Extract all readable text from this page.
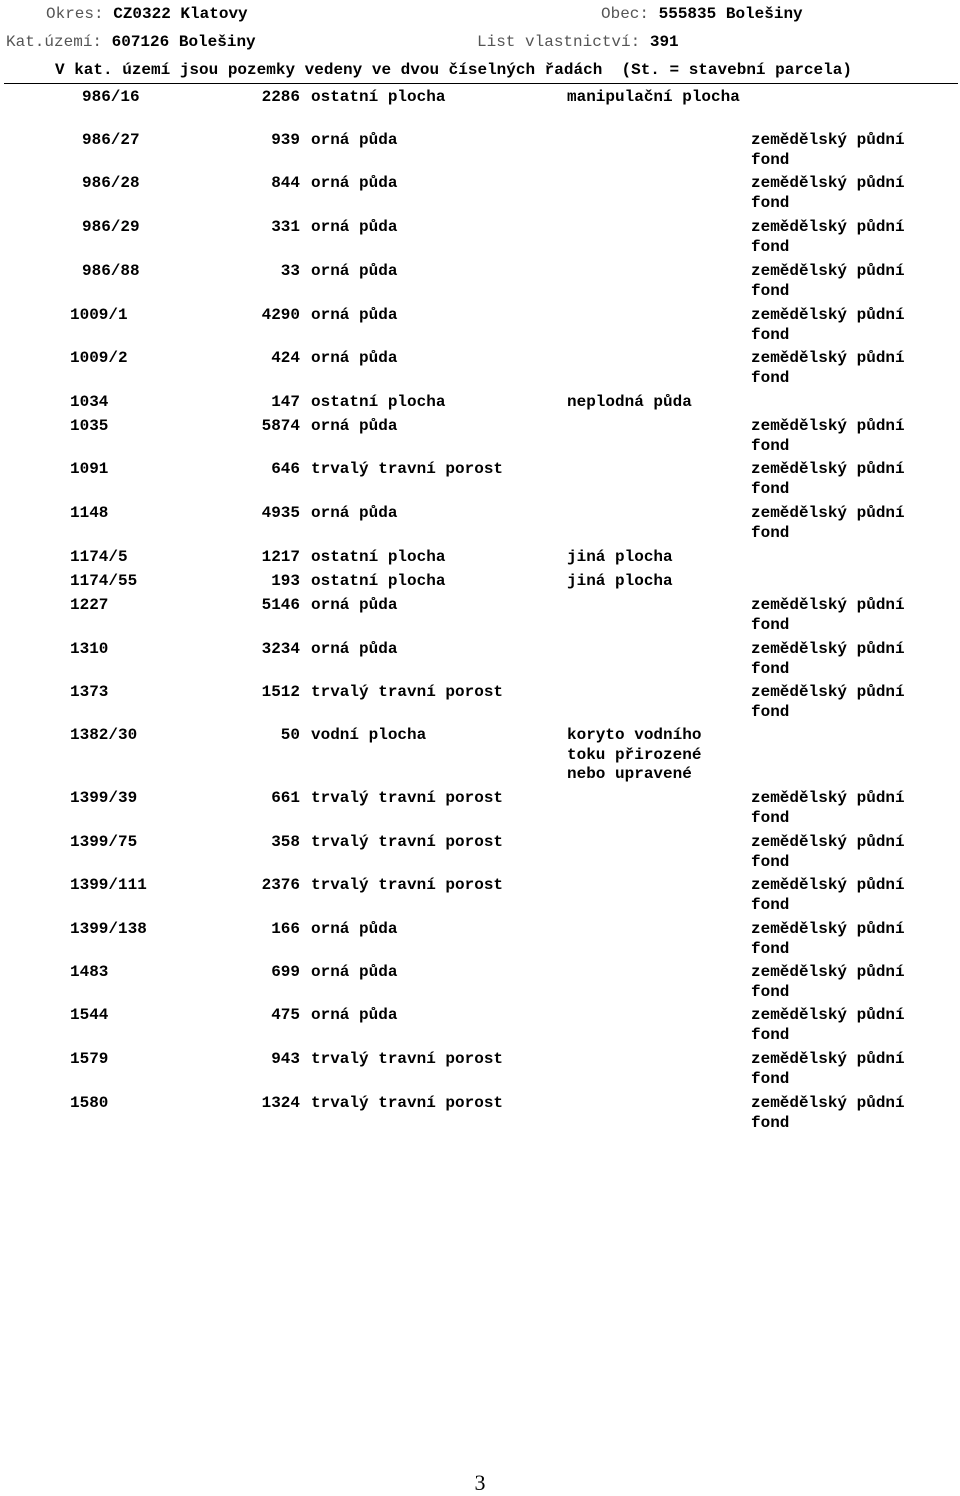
Okres: CZ0322 Klatovy	Obec: 555835 Bolešiny
Kat.území: 607126 Bolešiny	List vlastnictví: 391
V kat. území jsou pozemky vedeny ve dvou číselných řadách  (St. = stavební parcela)
986/16	2286 ostatní plocha	manipulační plocha
986/27	939 orná půda	zemědělský půdní fond
986/28	844 orná půda	zemědělský půdní fond
986/29	331 orná půda	zemědělský půdní fond
986/88	33 orná půda	zemědělský půdní fond
1009/1	4290 orná půda	zemědělský půdní fond
1009/2	424 orná půda	zemědělský půdní fond
1034	147 ostatní plocha	neplodná půda
1035	5874 orná půda	zemědělský půdní fond
1091	646 trvalý travní porost	zemědělský půdní fond
1148	4935 orná půda	zemědělský půdní fond
1174/5	1217 ostatní plocha	jiná plocha
1174/55	193 ostatní plocha	jiná plocha
1227	5146 orná půda	zemědělský půdní fond
1310	3234 orná půda	zemědělský půdní fond
1373	1512 trvalý travní porost	zemědělský půdní fond
1382/30	50 vodní plocha	koryto vodního toku přirozené nebo upravené
1399/39	661 trvalý travní porost	zemědělský půdní fond
1399/75	358 trvalý travní porost	zemědělský půdní fond
1399/111	2376 trvalý travní porost	zemědělský půdní fond
1399/138	166 orná půda	zemědělský půdní fond
1483	699 orná půda	zemědělský půdní fond
1544	475 orná půda	zemědělský půdní fond
1579	943 trvalý travní porost	zemědělský půdní fond
1580	1324 trvalý travní porost	zemědělský půdní fond
3
